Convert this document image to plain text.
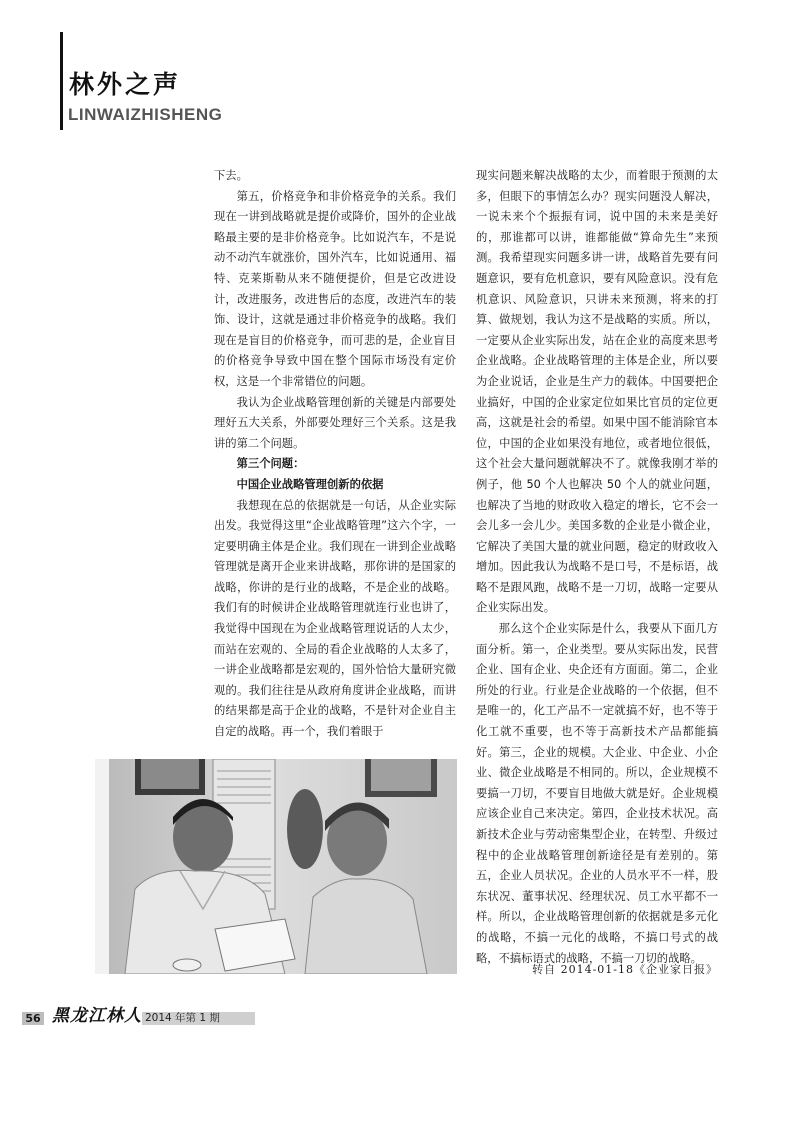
林外之声
LINWAIZHISHENG

下去。

第五，价格竞争和非价格竞争的关系。我们现在一讲到战略就是提价或降价，国外的企业战略最主要的是非价格竞争。比如说汽车，不是说动不动汽车就涨价，国外汽车，比如说通用、福特、克莱斯勒从来不随便提价，但是它改进设计，改进服务，改进售后的态度，改进汽车的装饰、设计，这就是通过非价格竞争的战略。我们现在是盲目的价格竞争，而可悲的是，企业盲目的价格竞争导致中国在整个国际市场没有定价权，这是一个非常错位的问题。

我认为企业战略管理创新的关键是内部要处理好五大关系，外部要处理好三个关系。这是我讲的第二个问题。

第三个问题：

中国企业战略管理创新的依据

我想现在总的依据就是一句话，从企业实际出发。我觉得这里“企业战略管理”这六个字，一定要明确主体是企业。我们现在一讲到企业战略管理就是离开企业来讲战略，那你讲的是国家的战略，你讲的是行业的战略，不是企业的战略。我们有的时候讲企业战略管理就连行业也讲了，我觉得中国现在为企业战略管理说话的人太少，而站在宏观的、全局的看企业战略的人太多了，一讲企业战略都是宏观的，国外恰恰大量研究微观的。我们往往是从政府角度讲企业战略，而讲的结果都是高于企业的战略，不是针对企业自主自定的战略。再一个，我们着眼于

现实问题来解决战略的太少，而着眼于预测的太多，但眼下的事情怎么办？现实问题没人解决，一说未来个个振振有词，说中国的未来是美好的，那谁都可以讲，谁都能做“算命先生”来预测。我希望现实问题多讲一讲，战略首先要有问题意识，要有危机意识，要有风险意识。没有危机意识、风险意识，只讲未来预测，将来的打算、做规划，我认为这不是战略的实质。所以，一定要从企业实际出发，站在企业的高度来思考企业战略。企业战略管理的主体是企业，所以要为企业说话，企业是生产力的载体。中国要把企业搞好，中国的企业家定位如果比官员的定位更高，这就是社会的希望。如果中国不能消除官本位，中国的企业如果没有地位，或者地位很低，这个社会大量问题就解决不了。就像我刚才举的例子，他 50 个人也解决 50 个人的就业问题，也解决了当地的财政收入稳定的增长，它不会一会儿多一会儿少。美国多数的企业是小微企业，它解决了美国大量的就业问题，稳定的财政收入增加。因此我认为战略不是口号，不是标语，战略不是跟风跑，战略不是一刀切，战略一定要从企业实际出发。

那么这个企业实际是什么，我要从下面几方面分析。第一，企业类型。要从实际出发，民营企业、国有企业、央企还有方面面。第二，企业所处的行业。行业是企业战略的一个依据，但不是唯一的，化工产品不一定就搞不好，也不等于化工就不重要，也不等于高新技术产品都能搞好。第三，企业的规模。大企业、中企业、小企业、微企业战略是不相同的。所以，企业规模不要搞一刀切，不要盲目地做大就是好。企业规模应该企业自己来决定。第四，企业技术状况。高新技术企业与劳动密集型企业，在转型、升级过程中的企业战略管理创新途径是有差别的。第五，企业人员状况。企业的人员水平不一样，股东状况、董事状况、经理状况、员工水平都不一样。所以，企业战略管理创新的依据就是多元化的战略，不搞一元化的战略，不搞口号式的战略，不搞标语式的战略，不搞一刀切的战略。

转自 2014-01-18《企业家日报》
56 黑龙江林人 2014 年第 1 期
